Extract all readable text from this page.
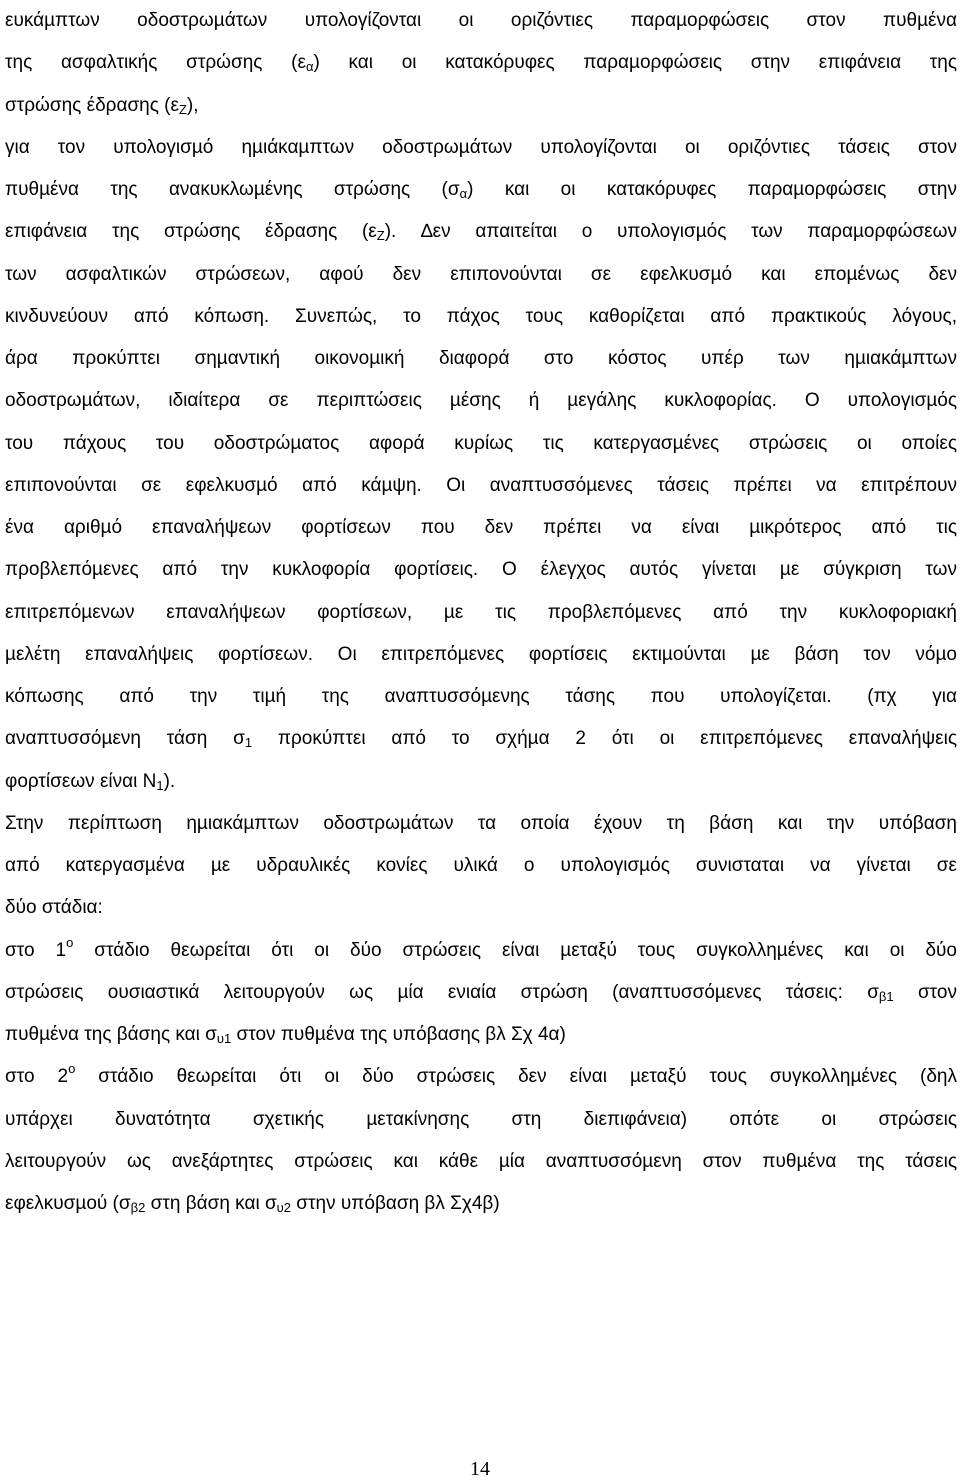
ευκάµπτων οδοστρωµάτων υπολογίζονται οι οριζόντιες παραµορφώσεις στον πυθµένα
της ασφαλτικής στρώσης $(\varepsilon_\alpha)$ και οι κατακόρυφες παραµορφώσεις στην επιφάνεια της
στρώσης έδρασης $(\varepsilon_Z)$,
για τον υπολογισµό ηµιάκαµπτων οδοστρωµάτων υπολογίζονται οι οριζόντιες τάσεις στον
πυθµένα της ανακυκλωµένης στρώσης $(\sigma_\alpha)$ και οι κατακόρυφες παραµορφώσεις στην
επιφάνεια της στρώσης έδρασης $(\varepsilon_Z)$. ∆εν απαιτείται ο υπολογισµός των παραµορφώσεων
των ασφαλτικών στρώσεων, αφού δεν επιπονούνται σε εφελκυσµό και εποµένως δεν
κινδυνεύουν από κόπωση. Συνεπώς, το πάχος τους καθορίζεται από πρακτικούς λόγους,
άρα προκύπτει σηµαντική οικονοµική διαφορά στο κόστος υπέρ των ηµιακάµπτων
οδοστρωµάτων, ιδιαίτερα σε περιπτώσεις µέσης ή µεγάλης κυκλοφορίας. Ο υπολογισµός
του πάχους του οδοστρώµατος αφορά κυρίως τις κατεργασµένες στρώσεις οι οποίες
επιπονούνται σε εφελκυσµό από κάµψη. Οι αναπτυσσόµενες τάσεις πρέπει να επιτρέπουν
ένα αριθµό επαναλήψεων φορτίσεων που δεν πρέπει να είναι µικρότερος από τις
προβλεπόµενες από την κυκλοφορία φορτίσεις. Ο έλεγχος αυτός γίνεται µε σύγκριση των
επιτρεπόµενων επαναλήψεων φορτίσεων, µε τις προβλεπόµενες από την κυκλοφοριακή
µελέτη επαναλήψεις φορτίσεων. Οι επιτρεπόµενες φορτίσεις εκτιµούνται µε βάση τον νόµο
κόπωσης από την τιµή της αναπτυσσόµενης τάσης που υπολογίζεται. (πχ για
αναπτυσσόµενη τάση $\sigma_1$ προκύπτει από το σχήµα 2 ότι οι επιτρεπόµενες επαναλήψεις
φορτίσεων είναι $N_1$).
Στην περίπτωση ηµιακάµπτων οδοστρωµάτων τα οποία έχουν τη βάση και την υπόβαση
από κατεργασµένα µε υδραυλικές κονίες υλικά ο υπολογισµός συνισταται να γίνεται σε
δύο στάδια:
στο $1^o$ στάδιο θεωρείται ότι οι δύο στρώσεις είναι µεταξύ τους συγκολληµένες και οι δύο
στρώσεις ουσιαστικά λειτουργούν ως µία ενιαία στρώση (αναπτυσσόµενες τάσεις: $\sigma_{\beta 1}$ στον
πυθµένα της βάσης και $\sigma_{\upsilon 1}$ στον πυθµένα της υπόβασης βλ Σχ 4α)
στο $2^o$ στάδιο θεωρείται ότι οι δύο στρώσεις δεν είναι µεταξύ τους συγκολληµένες (δηλ
υπάρχει δυνατότητα σχετικής µετακίνησης στη διεπιφάνεια) οπότε οι στρώσεις
λειτουργούν ως ανεξάρτητες στρώσεις και κάθε µία αναπτυσσόµενη στον πυθµένα της τάσεις
εφελκυσµού ($\sigma_{\beta 2}$ στη βάση και $\sigma_{\upsilon 2}$ στην υπόβαση βλ Σχ4β)
14
